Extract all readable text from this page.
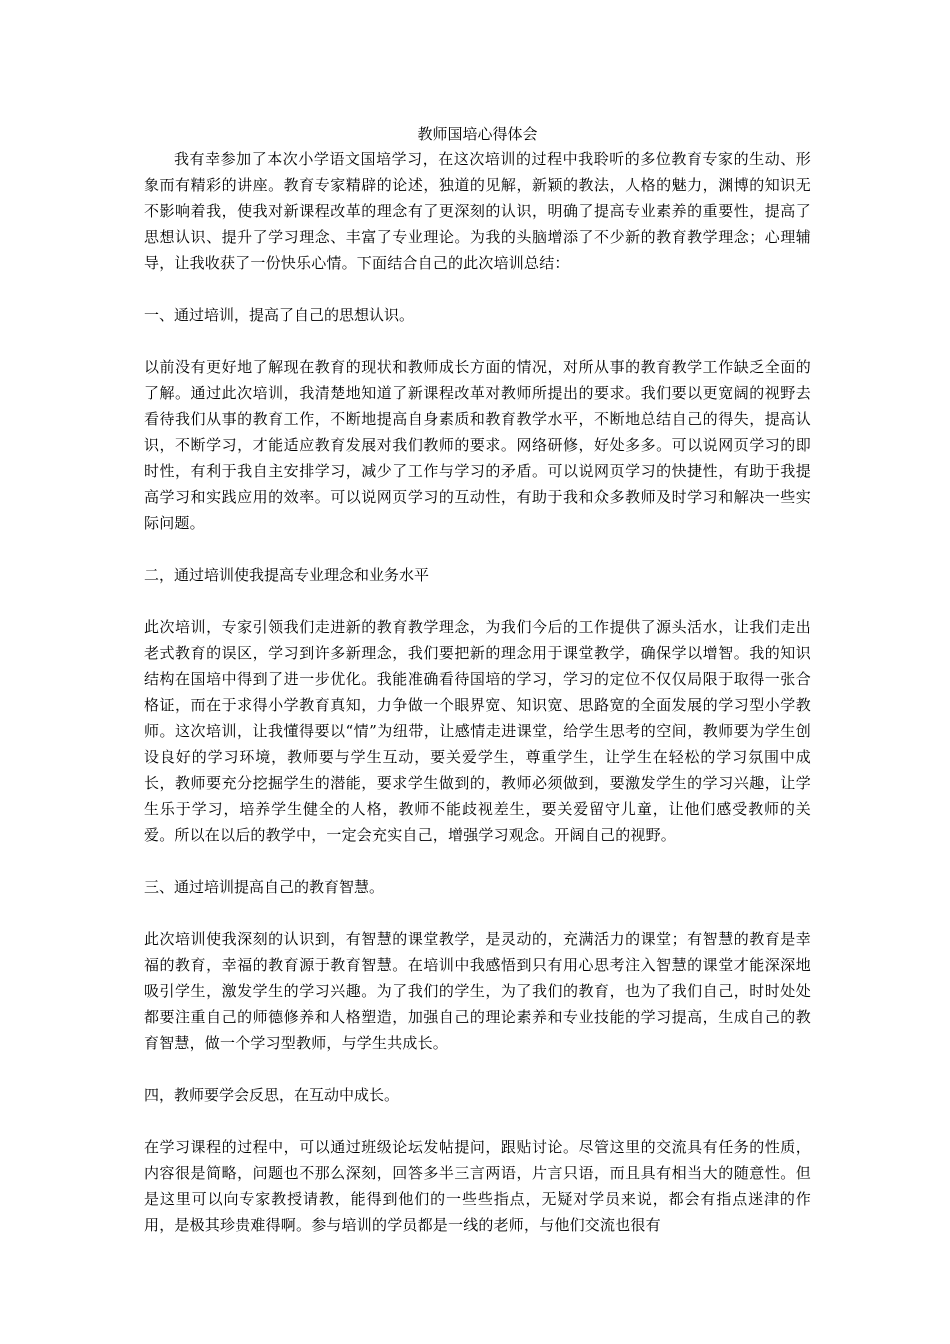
教师国培心得体会

我有幸参加了本次小学语文国培学习，在这次培训的过程中我聆听的多位教育专家的生动、形象而有精彩的讲座。教育专家精辟的论述，独道的见解，新颖的教法，人格的魅力，渊博的知识无不影响着我，使我对新课程改革的理念有了更深刻的认识，明确了提高专业素养的重要性，提高了思想认识、提升了学习理念、丰富了专业理论。为我的头脑增添了不少新的教育教学理念；心理辅导，让我收获了一份快乐心情。下面结合自己的此次培训总结：

一、通过培训，提高了自己的思想认识。

以前没有更好地了解现在教育的现状和教师成长方面的情况，对所从事的教育教学工作缺乏全面的了解。通过此次培训，我清楚地知道了新课程改革对教师所提出的要求。我们要以更宽阔的视野去看待我们从事的教育工作，不断地提高自身素质和教育教学水平，不断地总结自己的得失，提高认识，不断学习，才能适应教育发展对我们教师的要求。网络研修，好处多多。可以说网页学习的即时性，有利于我自主安排学习，减少了工作与学习的矛盾。可以说网页学习的快捷性，有助于我提高学习和实践应用的效率。可以说网页学习的互动性，有助于我和众多教师及时学习和解决一些实际问题。

二，通过培训使我提高专业理念和业务水平

此次培训，专家引领我们走进新的教育教学理念，为我们今后的工作提供了源头活水，让我们走出老式教育的误区，学习到许多新理念，我们要把新的理念用于课堂教学，确保学以增智。我的知识结构在国培中得到了进一步优化。我能准确看待国培的学习，学习的定位不仅仅局限于取得一张合格证，而在于求得小学教育真知，力争做一个眼界宽、知识宽、思路宽的全面发展的学习型小学教师。这次培训，让我懂得要以“情”为纽带，让感情走进课堂，给学生思考的空间，教师要为学生创设良好的学习环境，教师要与学生互动，要关爱学生，尊重学生，让学生在轻松的学习氛围中成长，教师要充分挖掘学生的潜能，要求学生做到的，教师必须做到，要激发学生的学习兴趣，让学生乐于学习，培养学生健全的人格，教师不能歧视差生，要关爱留守儿童，让他们感受教师的关爱。所以在以后的教学中，一定会充实自己，增强学习观念。开阔自己的视野。

三、通过培训提高自己的教育智慧。

此次培训使我深刻的认识到，有智慧的课堂教学，是灵动的，充满活力的课堂；有智慧的教育是幸福的教育，幸福的教育源于教育智慧。在培训中我感悟到只有用心思考注入智慧的课堂才能深深地吸引学生，激发学生的学习兴趣。为了我们的学生，为了我们的教育，也为了我们自己，时时处处都要注重自己的师德修养和人格塑造，加强自己的理论素养和专业技能的学习提高，生成自己的教育智慧，做一个学习型教师，与学生共成长。

四，教师要学会反思，在互动中成长。

在学习课程的过程中，可以通过班级论坛发帖提问，跟贴讨论。尽管这里的交流具有任务的性质，内容很是简略，问题也不那么深刻，回答多半三言两语，片言只语，而且具有相当大的随意性。但是这里可以向专家教授请教，能得到他们的一些些指点，无疑对学员来说，都会有指点迷津的作用，是极其珍贵难得啊。参与培训的学员都是一线的老师，与他们交流也很有
